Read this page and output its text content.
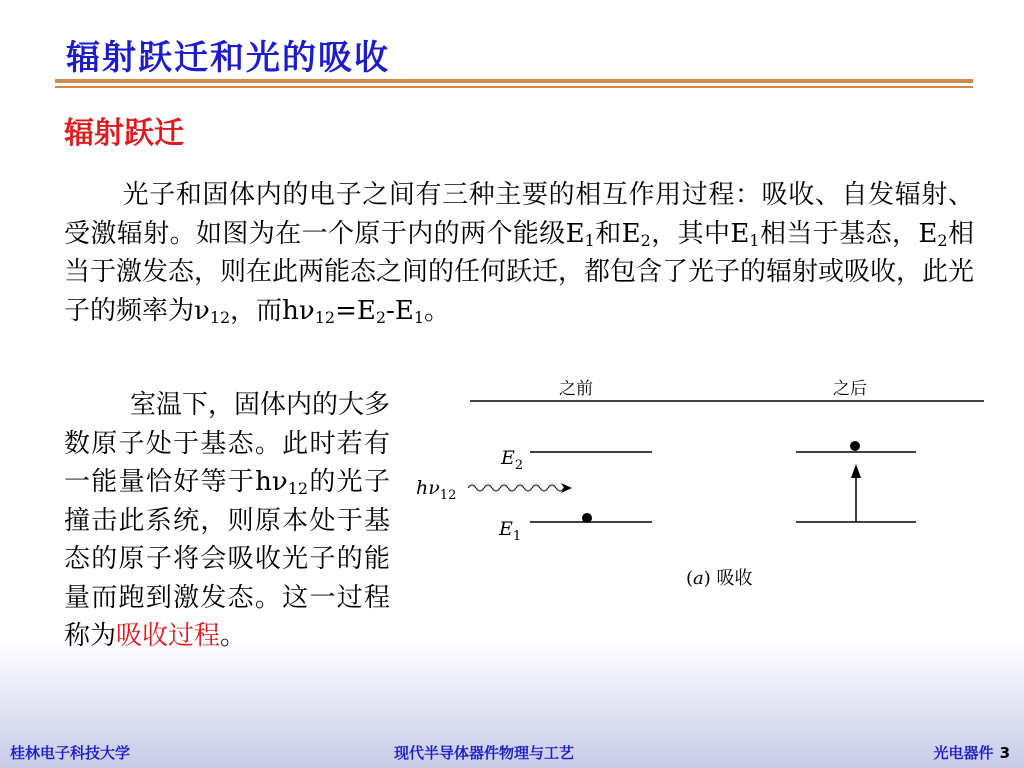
辐射跃迁和光的吸收
辐射跃迁

光子和固体内的电子之间有三种主要的相互作用过程：吸收、自发辐射、受激辐射。如图为在一个原于内的两个能级$E_1$和$E_2$，其中$E_1$相当于基态，$E_2$相当于激发态，则在此两能态之间的任何跃迁，都包含了光子的辐射或吸收，此光子的频率为$\nu_{12}$，而$h\nu_{12}=E_2-E_1$。

室温下，固体内的大多数原子处于基态。此时若有一能量恰好等于$h\nu_{12}$的光子撞击此系统，则原本处于基态的原子将会吸收光子的能量而跑到激发态。这一过程称为吸收过程。

之前	之后
$E_2$
$E_1$
$h\nu_{12}$
(a) 吸收
桂林电子科技大学	现代半导体器件物理与工艺	光电器件 3
